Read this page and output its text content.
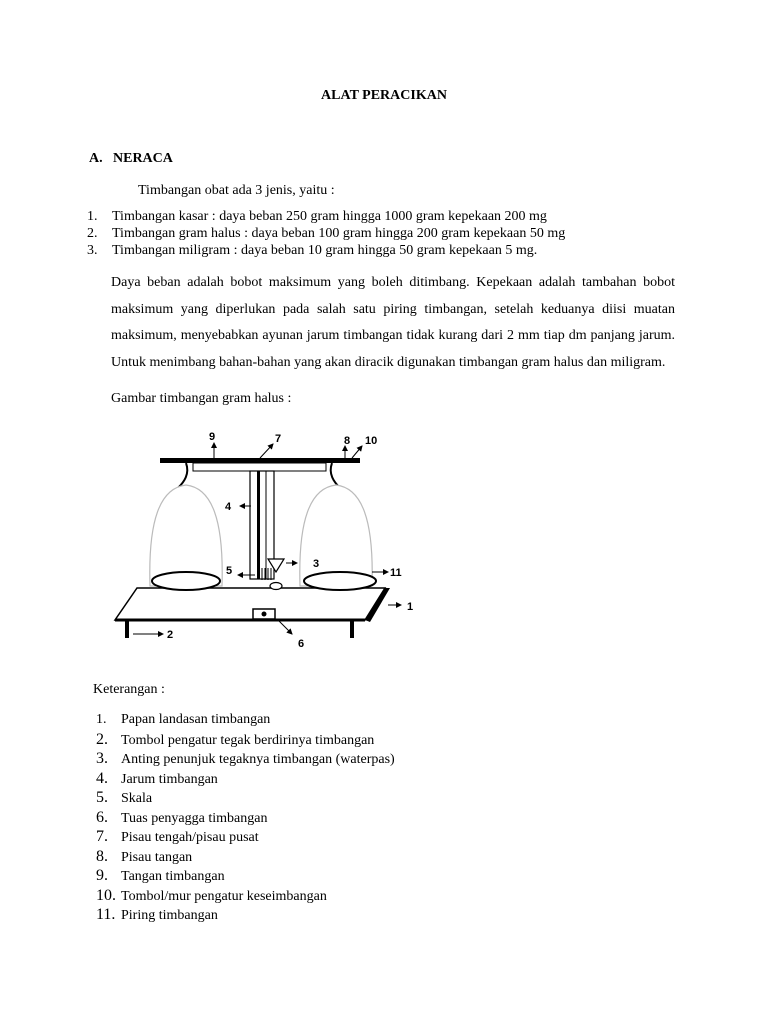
ALAT PERACIKAN
A. NERACA
Timbangan obat ada 3 jenis, yaitu :
1. Timbangan kasar : daya beban 250 gram hingga 1000 gram kepekaan 200 mg
2. Timbangan gram halus : daya beban 100 gram hingga 200 gram kepekaan 50 mg
3. Timbangan miligram : daya beban 10 gram hingga 50 gram kepekaan 5 mg.
Daya beban adalah bobot maksimum yang boleh ditimbang. Kepekaan adalah tambahan bobot maksimum yang diperlukan pada salah satu piring timbangan, setelah keduanya diisi muatan maksimum, menyebabkan ayunan jarum timbangan tidak kurang dari 2 mm tiap dm panjang jarum. Untuk menimbang bahan-bahan yang akan diracik digunakan timbangan gram halus dan miligram.
Gambar timbangan gram halus :
9	7	8 10
4
3
5	11
1
2
6
Keterangan :
1. Papan landasan timbangan
2. Tombol pengatur tegak berdirinya timbangan
3. Anting penunjuk tegaknya timbangan (waterpas)
4. Jarum timbangan
5. Skala
6. Tuas penyagga timbangan
7. Pisau tengah/pisau pusat
8. Pisau tangan
9. Tangan timbangan
10. Tombol/mur pengatur keseimbangan
11. Piring timbangan
